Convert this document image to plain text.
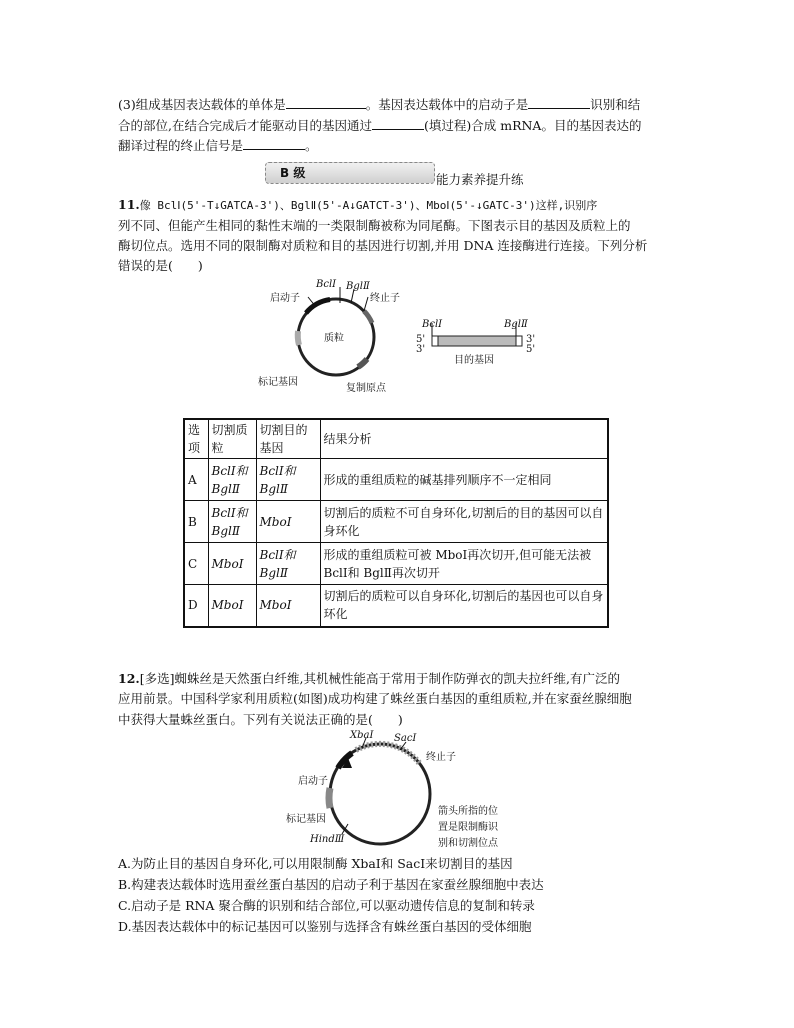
(3)组成基因表达载体的单体是	。基因表达载体中的启动子是	识别和结
合的部位,在结合完成后才能驱动目的基因通过	(填过程)合成 mRNA。目的基因表达的
翻译过程的终止信号是	。
B 级	能力素养提升练
11.像 BclⅠ(5'-T↓GATCA-3')、BglⅡ(5'-A↓GATCT-3')、MboⅠ(5'-↓GATC-3')这样,识别序
列不同、但能产生相同的黏性末端的一类限制酶被称为同尾酶。下图表示目的基因及质粒上的
酶切位点。选用不同的限制酶对质粒和目的基因进行切割,并用 DNA 连接酶进行连接。下列分析
错误的是(　　)
启动子
BclⅠ BglⅡ
终止子
质粒
标记基因
复制原点
BclⅠ	BglⅡ
5'
3'
3'
5'
目的基因
选项	切割质粒	切割目的基因	结果分析
A	BclⅠ和BglⅡ	BclⅠ和BglⅡ	形成的重组质粒的碱基排列顺序不一定相同
B	BclⅠ和BglⅡ	MboⅠ	切割后的质粒不可自身环化,切割后的目的基因可以自身环化
C	MboⅠ	BclⅠ和BglⅡ	形成的重组质粒可被 MboⅠ再次切开,但可能无法被 BclⅠ和 BglⅡ再次切开
D	MboⅠ	MboⅠ	切割后的质粒可以自身环化,切割后的基因也可以自身环化
12.[多选]蜘蛛丝是天然蛋白纤维,其机械性能高于常用于制作防弹衣的凯夫拉纤维,有广泛的
应用前景。中国科学家利用质粒(如图)成功构建了蛛丝蛋白基因的重组质粒,并在家蚕丝腺细胞
中获得大量蛛丝蛋白。下列有关说法正确的是(　　)
XbaⅠ SacⅠ
终止子
启动子
标记基因
HindⅢ
箭头所指的位
置是限制酶识
别和切割位点
A.为防止目的基因自身环化,可以用限制酶 XbaⅠ和 SacⅠ来切割目的基因
B.构建表达载体时选用蚕丝蛋白基因的启动子利于基因在家蚕丝腺细胞中表达
C.启动子是 RNA 聚合酶的识别和结合部位,可以驱动遗传信息的复制和转录
D.基因表达载体中的标记基因可以鉴别与选择含有蛛丝蛋白基因的受体细胞
